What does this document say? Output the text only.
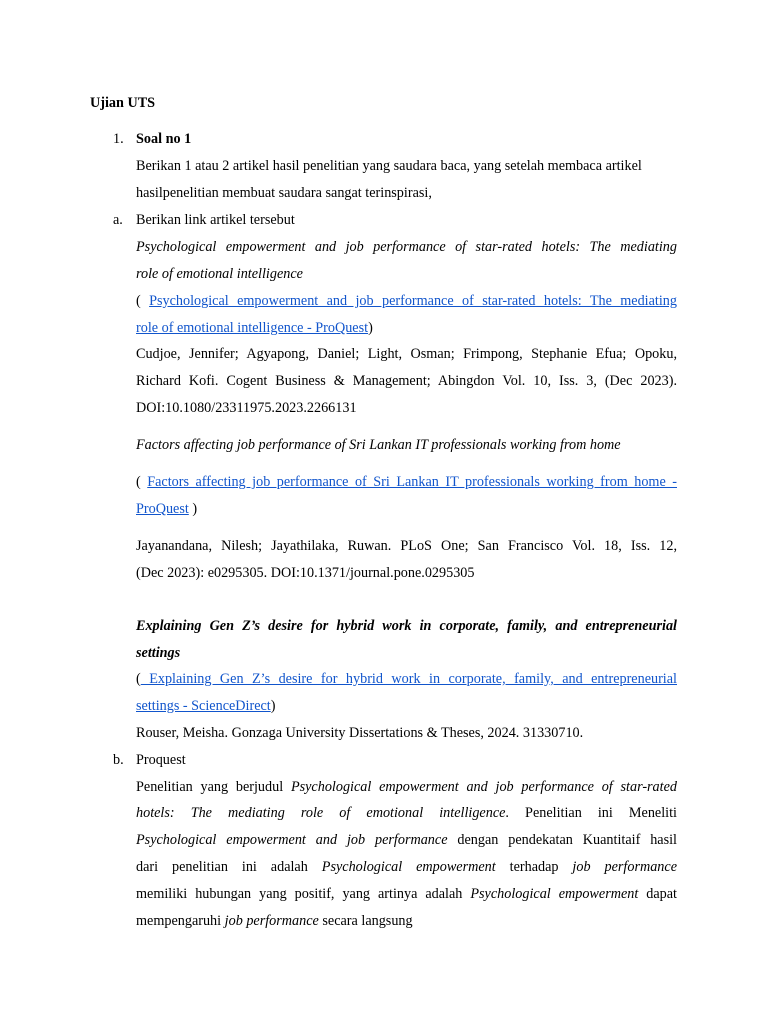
Ujian UTS
1. Soal no 1
Berikan 1 atau 2 artikel hasil penelitian yang saudara baca, yang setelah membaca artikel
hasilpenelitian membuat saudara sangat terinspirasi,
a. Berikan link artikel tersebut
Psychological empowerment and job performance of star-rated hotels: The mediating
role of emotional intelligence
( Psychological empowerment and job performance of star-rated hotels: The mediating
role of emotional intelligence - ProQuest)
Cudjoe, Jennifer; Agyapong, Daniel; Light, Osman; Frimpong, Stephanie Efua; Opoku,
Richard Kofi. Cogent Business & Management; Abingdon Vol. 10, Iss. 3, (Dec 2023).
DOI:10.1080/23311975.2023.2266131
Factors affecting job performance of Sri Lankan IT professionals working from home
( Factors affecting job performance of Sri Lankan IT professionals working from home -
ProQuest )
Jayanandana, Nilesh; Jayathilaka, Ruwan. PLoS One; San Francisco Vol. 18, Iss. 12,
(Dec 2023): e0295305. DOI:10.1371/journal.pone.0295305
Explaining Gen Z’s desire for hybrid work in corporate, family, and entrepreneurial
settings
( Explaining Gen Z’s desire for hybrid work in corporate, family, and entrepreneurial
settings - ScienceDirect)
Rouser, Meisha. Gonzaga University Dissertations & Theses, 2024. 31330710.
b. Proquest
Penelitian yang berjudul Psychological empowerment and job performance of star-rated
hotels: The mediating role of emotional intelligence. Penelitian ini Meneliti
Psychological empowerment and job performance dengan pendekatan Kuantitaif hasil
dari penelitian ini adalah Psychological empowerment terhadap job performance
memiliki hubungan yang positif, yang artinya adalah Psychological empowerment dapat
mempengaruhi job performance secara langsung
